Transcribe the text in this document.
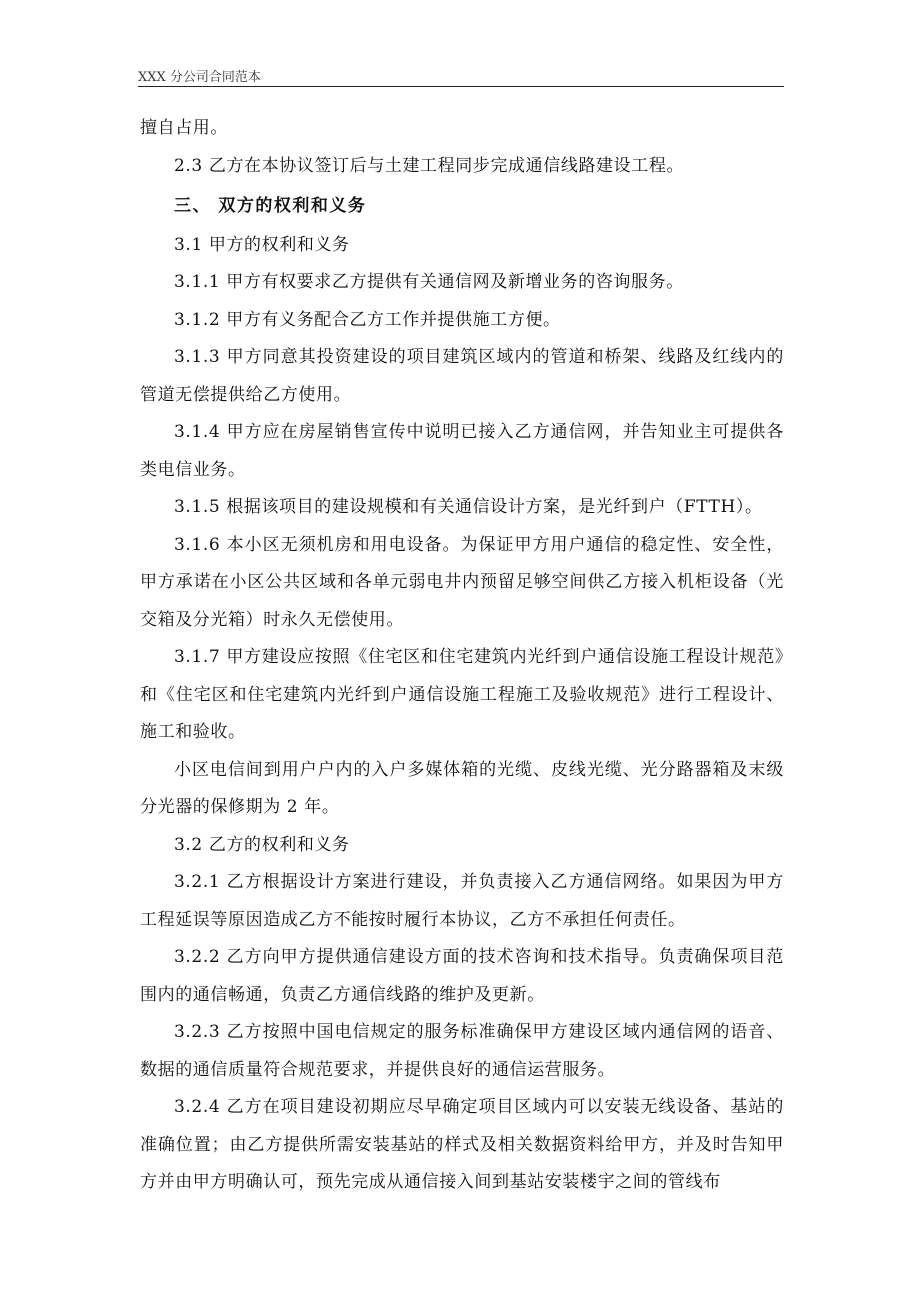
XXX 分公司合同范本

擅自占用。

2.3 乙方在本协议签订后与土建工程同步完成通信线路建设工程。

三、 双方的权利和义务

3.1 甲方的权利和义务

3.1.1 甲方有权要求乙方提供有关通信网及新增业务的咨询服务。

3.1.2 甲方有义务配合乙方工作并提供施工方便。

3.1.3 甲方同意其投资建设的项目建筑区域内的管道和桥架、线路及红线内的管道无偿提供给乙方使用。

3.1.4 甲方应在房屋销售宣传中说明已接入乙方通信网，并告知业主可提供各类电信业务。

3.1.5 根据该项目的建设规模和有关通信设计方案，是光纤到户（FTTH）。

3.1.6 本小区无须机房和用电设备。为保证甲方用户通信的稳定性、安全性，甲方承诺在小区公共区域和各单元弱电井内预留足够空间供乙方接入机柜设备（光交箱及分光箱）时永久无偿使用。

3.1.7 甲方建设应按照《住宅区和住宅建筑内光纤到户通信设施工程设计规范》和《住宅区和住宅建筑内光纤到户通信设施工程施工及验收规范》进行工程设计、施工和验收。

小区电信间到用户户内的入户多媒体箱的光缆、皮线光缆、光分路器箱及末级分光器的保修期为 2 年。

3.2 乙方的权利和义务

3.2.1 乙方根据设计方案进行建设，并负责接入乙方通信网络。如果因为甲方工程延误等原因造成乙方不能按时履行本协议，乙方不承担任何责任。

3.2.2 乙方向甲方提供通信建设方面的技术咨询和技术指导。负责确保项目范围内的通信畅通，负责乙方通信线路的维护及更新。

3.2.3 乙方按照中国电信规定的服务标准确保甲方建设区域内通信网的语音、数据的通信质量符合规范要求，并提供良好的通信运营服务。

3.2.4 乙方在项目建设初期应尽早确定项目区域内可以安装无线设备、基站的准确位置；由乙方提供所需安装基站的样式及相关数据资料给甲方，并及时告知甲方并由甲方明确认可，预先完成从通信接入间到基站安装楼宇之间的管线布
